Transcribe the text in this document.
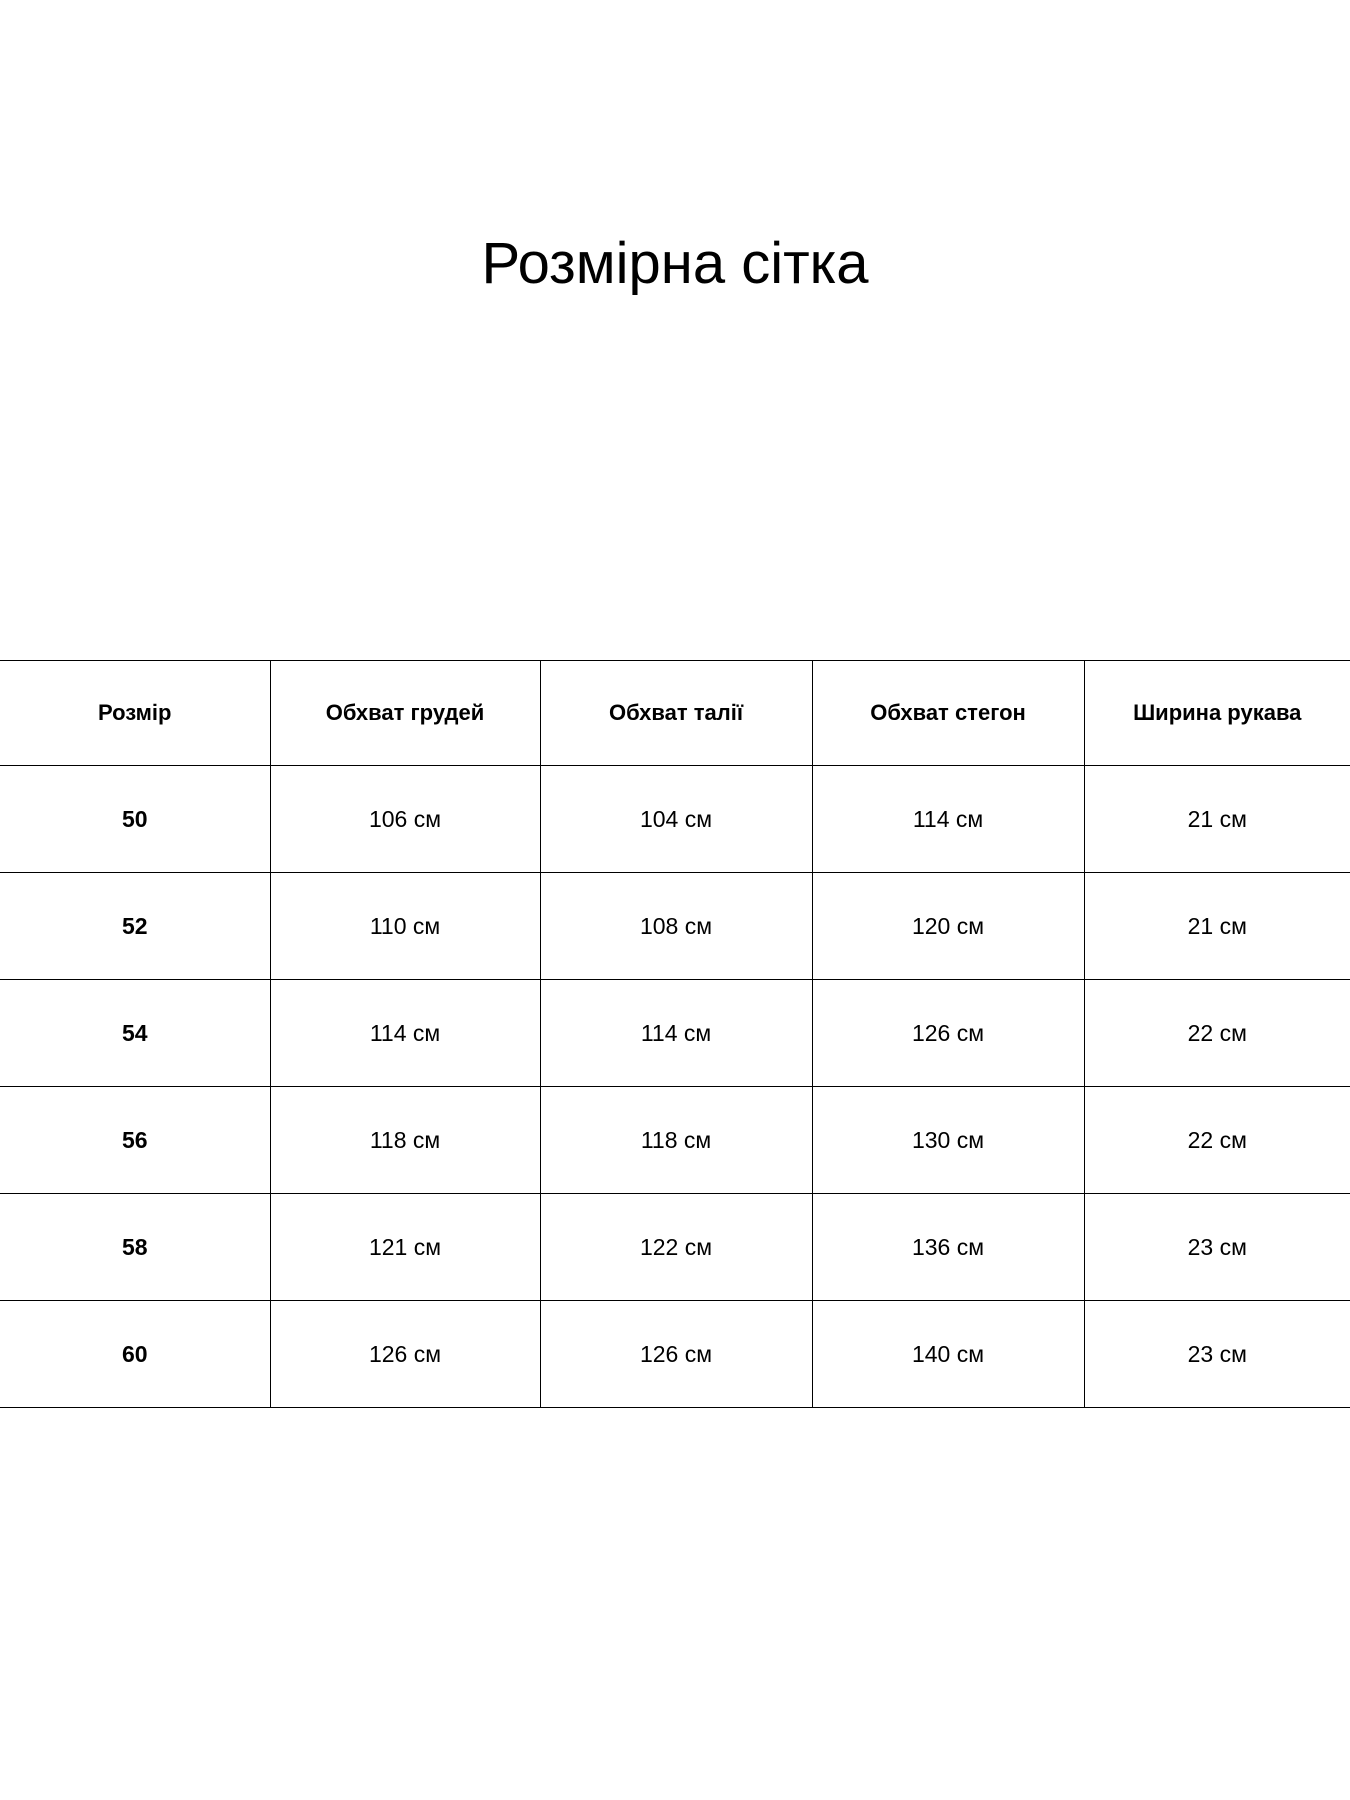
Розмірна сітка
Розмір	Обхват грудей	Обхват талії	Обхват стегон	Ширина рукава
50	106 см	104 см	114 см	21 см
52	110 см	108 см	120 см	21 см
54	114 см	114 см	126 см	22 см
56	118 см	118 см	130 см	22 см
58	121 см	122 см	136 см	23 см
60	126 см	126 см	140 см	23 см
